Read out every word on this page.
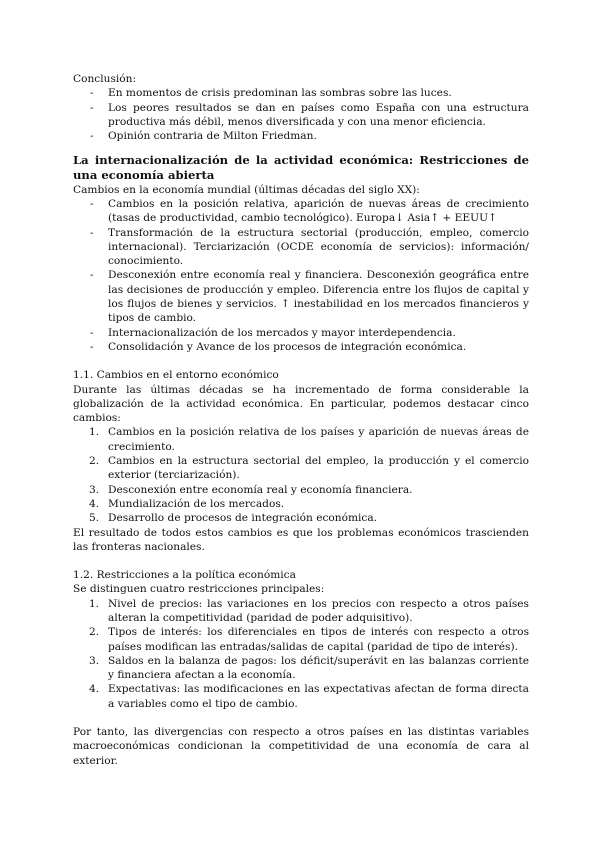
Conclusión:

- En momentos de crisis predominan las sombras sobre las luces.
- Los peores resultados se dan en países como España con una estructura productiva más débil, menos diversificada y con una menor eficiencia.
- Opinión contraria de Milton Friedman.

La internacionalización de la actividad económica: Restricciones de una economía abierta

Cambios en la economía mundial (últimas décadas del siglo XX):

- Cambios en la posición relativa, aparición de nuevas áreas de crecimiento (tasas de productividad, cambio tecnológico). Europa↓ Asia↑ + EEUU↑
- Transformación de la estructura sectorial (producción, empleo, comercio internacional). Terciarización (OCDE economía de servicios): información/ conocimiento.
- Desconexión entre economía real y financiera. Desconexión geográfica entre las decisiones de producción y empleo. Diferencia entre los flujos de capital y los flujos de bienes y servicios. ↑ inestabilidad en los mercados financieros y tipos de cambio.
- Internacionalización de los mercados y mayor interdependencia.
- Consolidación y Avance de los procesos de integración económica.

1.1. Cambios en el entorno económico

Durante las últimas décadas se ha incrementado de forma considerable la globalización de la actividad económica. En particular, podemos destacar cinco cambios:

1. Cambios en la posición relativa de los países y aparición de nuevas áreas de crecimiento.
2. Cambios en la estructura sectorial del empleo, la producción y el comercio exterior (terciarización).
3. Desconexión entre economía real y economía financiera.
4. Mundialización de los mercados.
5. Desarrollo de procesos de integración económica.

El resultado de todos estos cambios es que los problemas económicos trascienden las fronteras nacionales.

1.2. Restricciones a la política económica

Se distinguen cuatro restricciones principales:

1. Nivel de precios: las variaciones en los precios con respecto a otros países alteran la competitividad (paridad de poder adquisitivo).
2. Tipos de interés: los diferenciales en tipos de interés con respecto a otros países modifican las entradas/salidas de capital (paridad de tipo de interés).
3. Saldos en la balanza de pagos: los déficit/superávit en las balanzas corriente y financiera afectan a la economía.
4. Expectativas: las modificaciones en las expectativas afectan de forma directa a variables como el tipo de cambio.

Por tanto, las divergencias con respecto a otros países en las distintas variables macroeconómicas condicionan la competitividad de una economía de cara al exterior.
